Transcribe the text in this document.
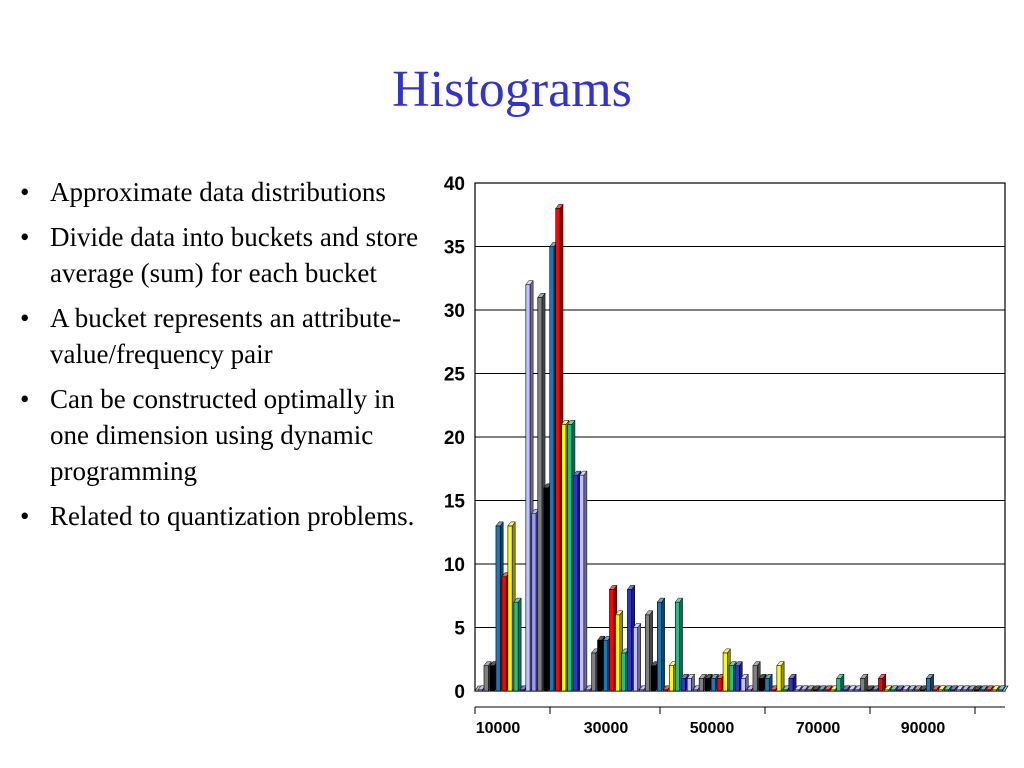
Histograms
• Approximate data distributions
• Divide data into buckets and store average (sum) for each bucket
• A bucket represents an attribute-value/frequency pair
• Can be constructed optimally in one dimension using dynamic programming
• Related to quantization problems.
0
5
10
15
20
25
30
35
40
10000	30000	50000	70000	90000
